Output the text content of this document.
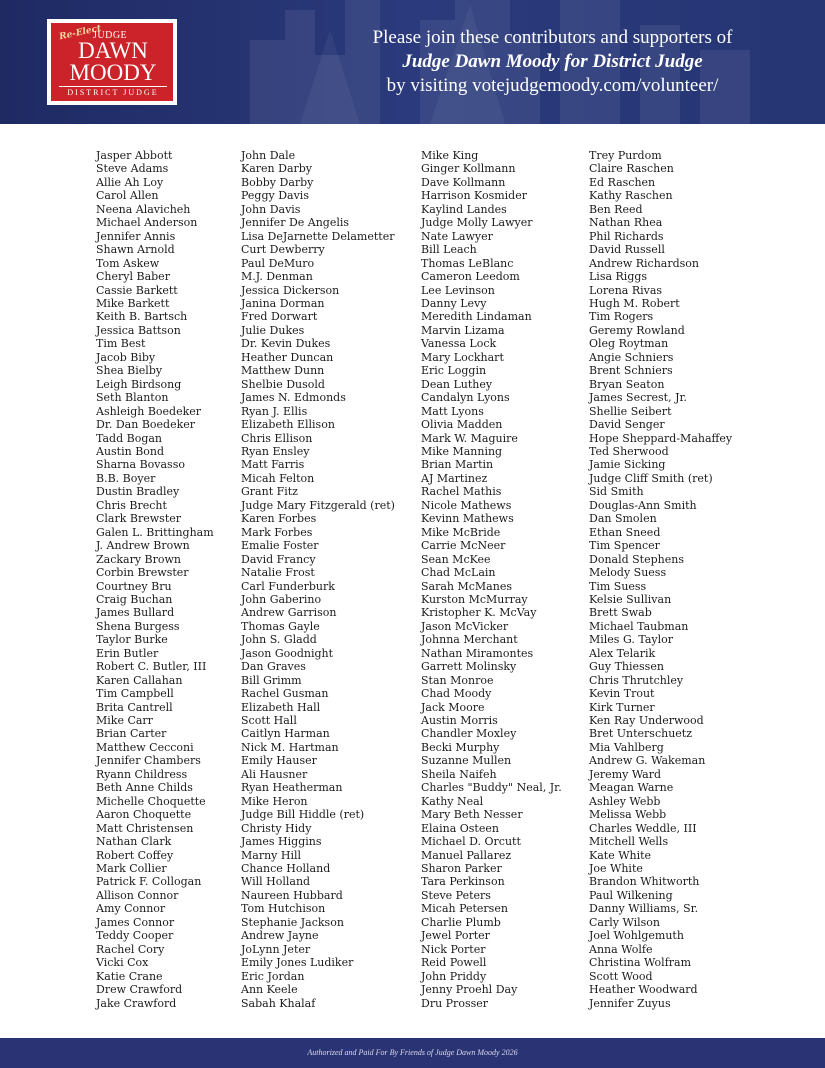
Re-Elect
JUDGE
DAWN
MOODY
DISTRICT JUDGE
Please join these contributors and supporters of
Judge Dawn Moody for District Judge
by visiting votejudgemoody.com/volunteer/
Jasper Abbott
Steve Adams
Allie Ah Loy
Carol Allen
Neena Alavicheh
Michael Anderson
Jennifer Annis
Shawn Arnold
Tom Askew
Cheryl Baber
Cassie Barkett
Mike Barkett
Keith B. Bartsch
Jessica Battson
Tim Best
Jacob Biby
Shea Bielby
Leigh Birdsong
Seth Blanton
Ashleigh Boedeker
Dr. Dan Boedeker
Tadd Bogan
Austin Bond
Sharna Bovasso
B.B. Boyer
Dustin Bradley
Chris Brecht
Clark Brewster
Galen L. Brittingham
J. Andrew Brown
Zackary Brown
Corbin Brewster
Courtney Bru
Craig Buchan
James Bullard
Shena Burgess
Taylor Burke
Erin Butler
Robert C. Butler, III
Karen Callahan
Tim Campbell
Brita Cantrell
Mike Carr
Brian Carter
Matthew Cecconi
Jennifer Chambers
Ryann Childress
Beth Anne Childs
Michelle Choquette
Aaron Choquette
Matt Christensen
Nathan Clark
Robert Coffey
Mark Collier
Patrick F. Collogan
Allison Connor
Amy Connor
James Connor
Teddy Cooper
Rachel Cory
Vicki Cox
Katie Crane
Drew Crawford
Jake Crawford
John Dale
Karen Darby
Bobby Darby
Peggy Davis
John Davis
Jennifer De Angelis
Lisa DeJarnette Delametter
Curt Dewberry
Paul DeMuro
M.J. Denman
Jessica Dickerson
Janina Dorman
Fred Dorwart
Julie Dukes
Dr. Kevin Dukes
Heather Duncan
Matthew Dunn
Shelbie Dusold
James N. Edmonds
Ryan J. Ellis
Elizabeth Ellison
Chris Ellison
Ryan Ensley
Matt Farris
Micah Felton
Grant Fitz
Judge Mary Fitzgerald (ret)
Karen Forbes
Mark Forbes
Emalie Foster
David Francy
Natalie Frost
Carl Funderburk
John Gaberino
Andrew Garrison
Thomas Gayle
John S. Gladd
Jason Goodnight
Dan Graves
Bill Grimm
Rachel Gusman
Elizabeth Hall
Scott Hall
Caitlyn Harman
Nick M. Hartman
Emily Hauser
Ali Hausner
Ryan Heatherman
Mike Heron
Judge Bill Hiddle (ret)
Christy Hidy
James Higgins
Marny Hill
Chance Holland
Will Holland
Naureen Hubbard
Tom Hutchison
Stephanie Jackson
Andrew Jayne
JoLynn Jeter
Emily Jones Ludiker
Eric Jordan
Ann Keele
Sabah Khalaf
Mike King
Ginger Kollmann
Dave Kollmann
Harrison Kosmider
Kaylind Landes
Judge Molly Lawyer
Nate Lawyer
Bill Leach
Thomas LeBlanc
Cameron Leedom
Lee Levinson
Danny Levy
Meredith Lindaman
Marvin Lizama
Vanessa Lock
Mary Lockhart
Eric Loggin
Dean Luthey
Candalyn Lyons
Matt Lyons
Olivia Madden
Mark W. Maguire
Mike Manning
Brian Martin
AJ Martinez
Rachel Mathis
Nicole Mathews
Kevinn Mathews
Mike McBride
Carrie McNeer
Sean McKee
Chad McLain
Sarah McManes
Kurston McMurray
Kristopher K. McVay
Jason McVicker
Johnna Merchant
Nathan Miramontes
Garrett Molinsky
Stan Monroe
Chad Moody
Jack Moore
Austin Morris
Chandler Moxley
Becki Murphy
Suzanne Mullen
Sheila Naifeh
Charles "Buddy" Neal, Jr.
Kathy Neal
Mary Beth Nesser
Elaina Osteen
Michael D. Orcutt
Manuel Pallarez
Sharon Parker
Tara Perkinson
Steve Peters
Micah Petersen
Charlie Plumb
Jewel Porter
Nick Porter
Reid Powell
John Priddy
Jenny Proehl Day
Dru Prosser
Trey Purdom
Claire Raschen
Ed Raschen
Kathy Raschen
Ben Reed
Nathan Rhea
Phil Richards
David Russell
Andrew Richardson
Lisa Riggs
Lorena Rivas
Hugh M. Robert
Tim Rogers
Geremy Rowland
Oleg Roytman
Angie Schniers
Brent Schniers
Bryan Seaton
James Secrest, Jr.
Shellie Seibert
David Senger
Hope Sheppard-Mahaffey
Ted Sherwood
Jamie Sicking
Judge Cliff Smith (ret)
Sid Smith
Douglas-Ann Smith
Dan Smolen
Ethan Sneed
Tim Spencer
Donald Stephens
Melody Suess
Tim Suess
Kelsie Sullivan
Brett Swab
Michael Taubman
Miles G. Taylor
Alex Telarik
Guy Thiessen
Chris Thrutchley
Kevin Trout
Kirk Turner
Ken Ray Underwood
Bret Unterschuetz
Mia Vahlberg
Andrew G. Wakeman
Jeremy Ward
Meagan Warne
Ashley Webb
Melissa Webb
Charles Weddle, III
Mitchell Wells
Kate White
Joe White
Brandon Whitworth
Paul Wilkening
Danny Williams, Sr.
Carly Wilson
Joel Wohlgemuth
Anna Wolfe
Christina Wolfram
Scott Wood
Heather Woodward
Jennifer Zuyus
Authorized and Paid For By Friends of Judge Dawn Moody 2026
